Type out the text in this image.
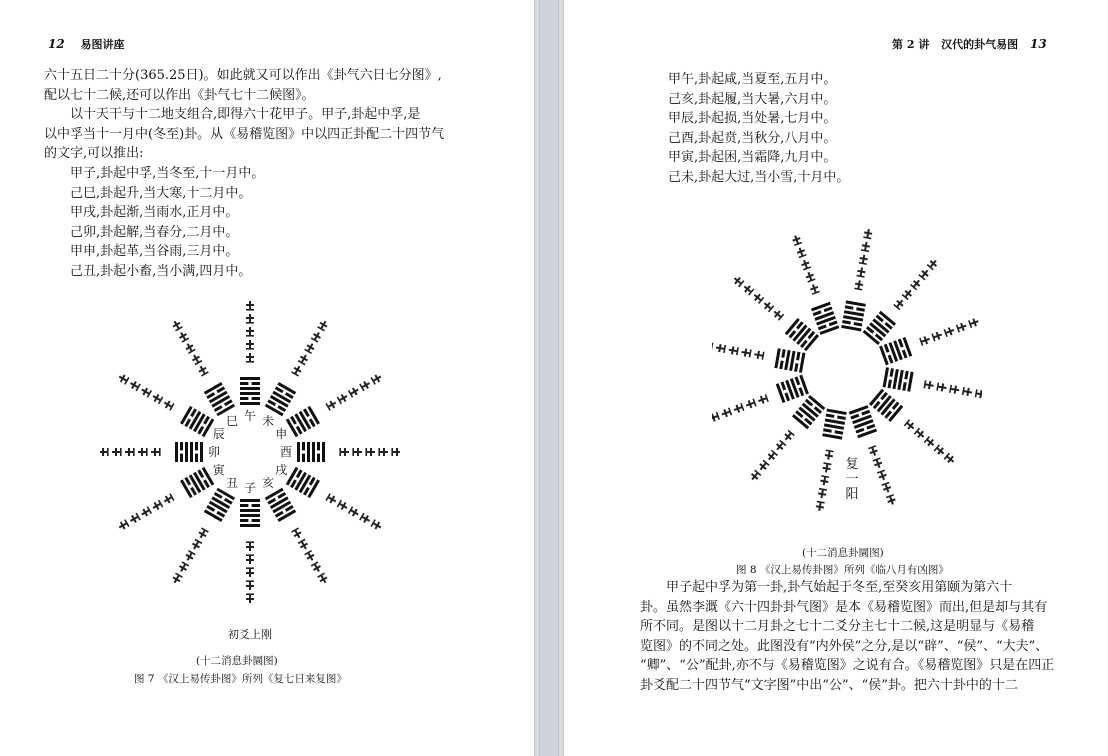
12 易图讲座
六十五日二十分(365.25日)。如此就又可以作出《卦气六日七分图》,
配以七十二候,还可以作出《卦气七十二候图》。
以十天干与十二地支组合,即得六十花甲子。甲子,卦起中孚,是
以中孚当十一月中(冬至)卦。从《易稽览图》中以四正卦配二十四节气
的文字,可以推出:
甲子,卦起中孚,当冬至,十一月中。
己巳,卦起升,当大寒,十二月中。
甲戌,卦起渐,当雨水,正月中。
己卯,卦起解,当春分,二月中。
甲申,卦起革,当谷雨,三月中。
己丑,卦起小畜,当小满,四月中。
子
丑
寅
卯
辰
巳 午 未
申
酉
戌
亥
初爻上刚
(十二消息卦圜图)
图 7 《汉上易传卦图》所列《复七日来复图》
第 2 讲 汉代的卦气易图 13
甲午,卦起咸,当夏至,五月中。
己亥,卦起履,当大暑,六月中。
甲辰,卦起损,当处暑,七月中。
己酉,卦起贲,当秋分,八月中。
甲寅,卦起困,当霜降,九月中。
己未,卦起大过,当小雪,十月中。
复
一
阳
(十二消息卦圜图)
图 8 《汉上易传卦图》所列《临八月有凶图》
甲子起中孚为第一卦,卦气始起于冬至,至癸亥用第颐为第六十
卦。虽然李溉《六十四卦卦气图》是本《易稽览图》而出,但是却与其有
所不同。是图以十二月卦之七十二爻分主七十二候,这是明显与《易稽
览图》的不同之处。此图没有“内外侯”之分,是以“辟”、“侯”、“大夫”、
“卿”、“公”配卦,亦不与《易稽览图》之说有合。《易稽览图》只是在四正
卦爻配二十四节气“文字图”中出“公”、“侯”卦。把六十卦中的十二
